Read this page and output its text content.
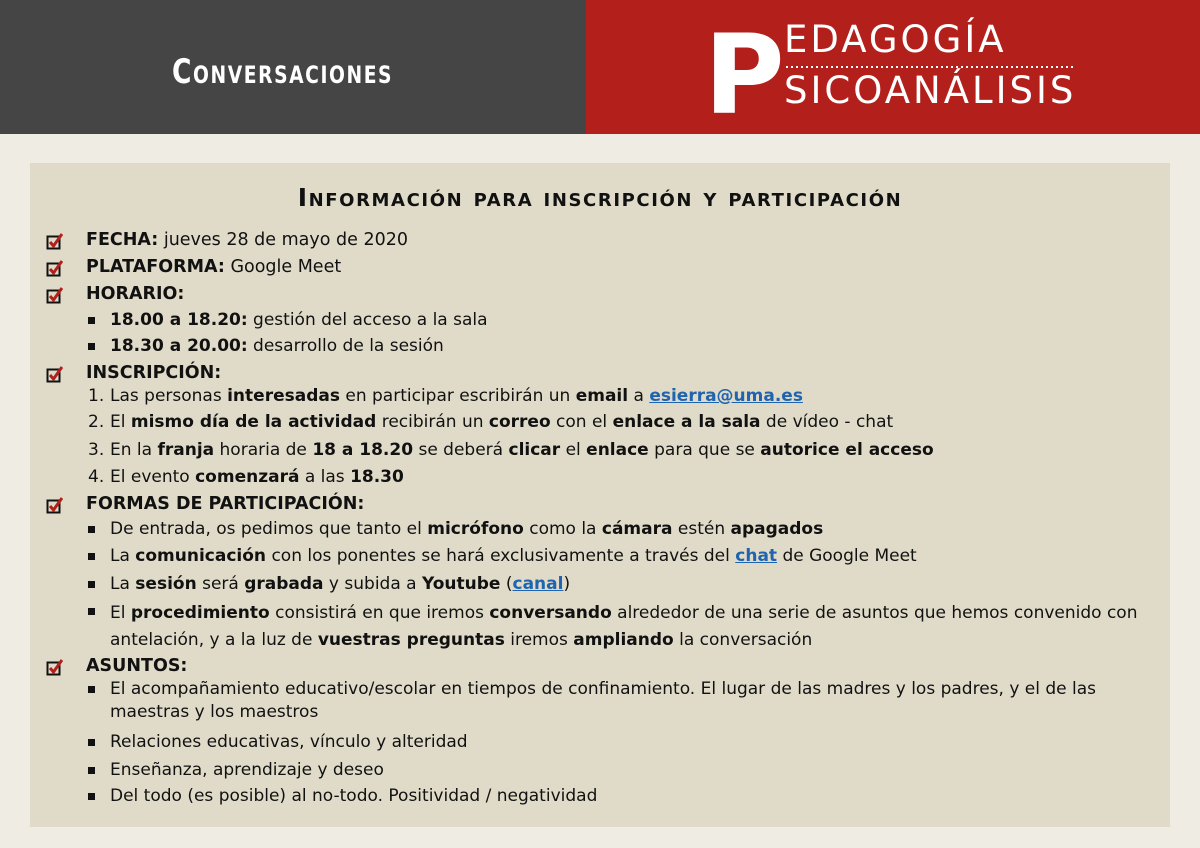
Conversaciones	P EDAGOGÍA
SICOANÁLISIS
Información para inscripción y participación
FECHA: jueves 28 de mayo de 2020
PLATAFORMA: Google Meet
HORARIO:
18.00 a 18.20: gestión del acceso a la sala
18.30 a 20.00: desarrollo de la sesión
INSCRIPCIÓN:
1. Las personas interesadas en participar escribirán un email a esierra@uma.es
2. El mismo día de la actividad recibirán un correo con el enlace a la sala de vídeo - chat
3. En la franja horaria de 18 a 18.20 se deberá clicar el enlace para que se autorice el acceso
4. El evento comenzará a las 18.30
FORMAS DE PARTICIPACIÓN:
De entrada, os pedimos que tanto el micrófono como la cámara estén apagados
La comunicación con los ponentes se hará exclusivamente a través del chat de Google Meet
La sesión será grabada y subida a Youtube (canal)
El procedimiento consistirá en que iremos conversando alrededor de una serie de asuntos que hemos convenido con antelación, y a la luz de vuestras preguntas iremos ampliando la conversación
ASUNTOS:
El acompañamiento educativo/escolar en tiempos de confinamiento. El lugar de las madres y los padres, y el de las maestras y los maestros
Relaciones educativas, vínculo y alteridad
Enseñanza, aprendizaje y deseo
Del todo (es posible) al no-todo. Positividad / negatividad
